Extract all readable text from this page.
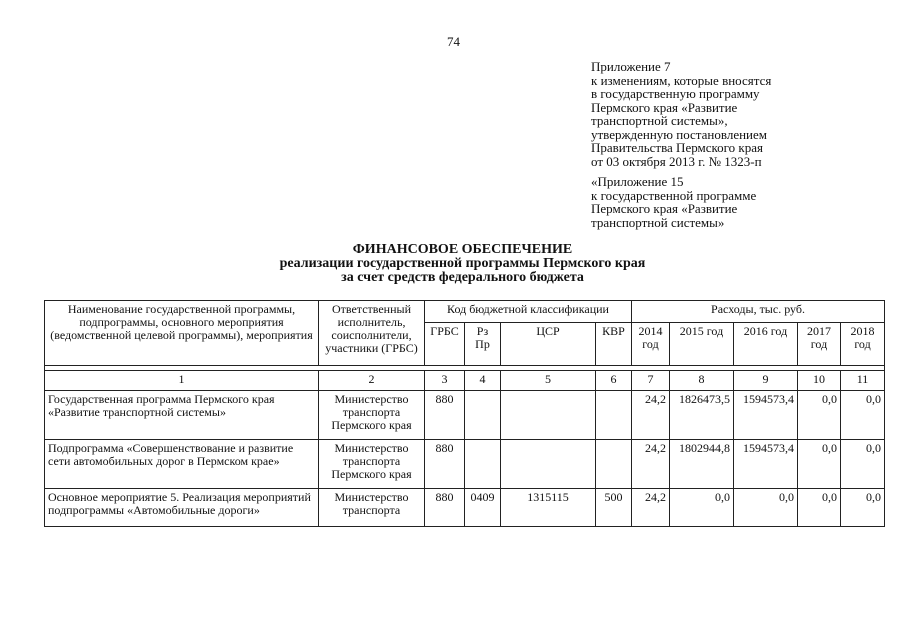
74
Приложение 7
к изменениям, которые вносятся
в государственную программу
Пермского края «Развитие
транспортной системы»,
утвержденную постановлением
Правительства Пермского края
от 03 октября 2013 г. № 1323-п
«Приложение 15
к государственной программе
Пермского края «Развитие
транспортной системы»
ФИНАНСОВОЕ ОБЕСПЕЧЕНИЕ
реализации государственной программы Пермского края
за счет средств федерального бюджета
Наименование государственной программы, подпрограммы, основного мероприятия (ведомственной целевой программы), мероприятия	Ответственный исполнитель, соисполнители, участники (ГРБС)	Код бюджетной классификации				Расходы, тыс. руб.				
		ГРБС	Рз Пр	ЦСР	КВР	2014 год	2015 год	2016 год	2017 год	2018 год

1	2	3	4	5	6	7	8	9	10	11
Государственная программа Пермского края «Развитие транспортной системы»	Министерство транспорта Пермского края	880				24,2	1826473,5	1594573,4	0,0	0,0
Подпрограмма «Совершенствование и развитие сети автомобильных дорог в Пермском крае»	Министерство транспорта Пермского края	880				24,2	1802944,8	1594573,4	0,0	0,0
Основное мероприятие 5. Реализация мероприятий подпрограммы «Автомобильные дороги»	Министерство транспорта	880	0409	1315115	500	24,2	0,0	0,0	0,0	0,0
